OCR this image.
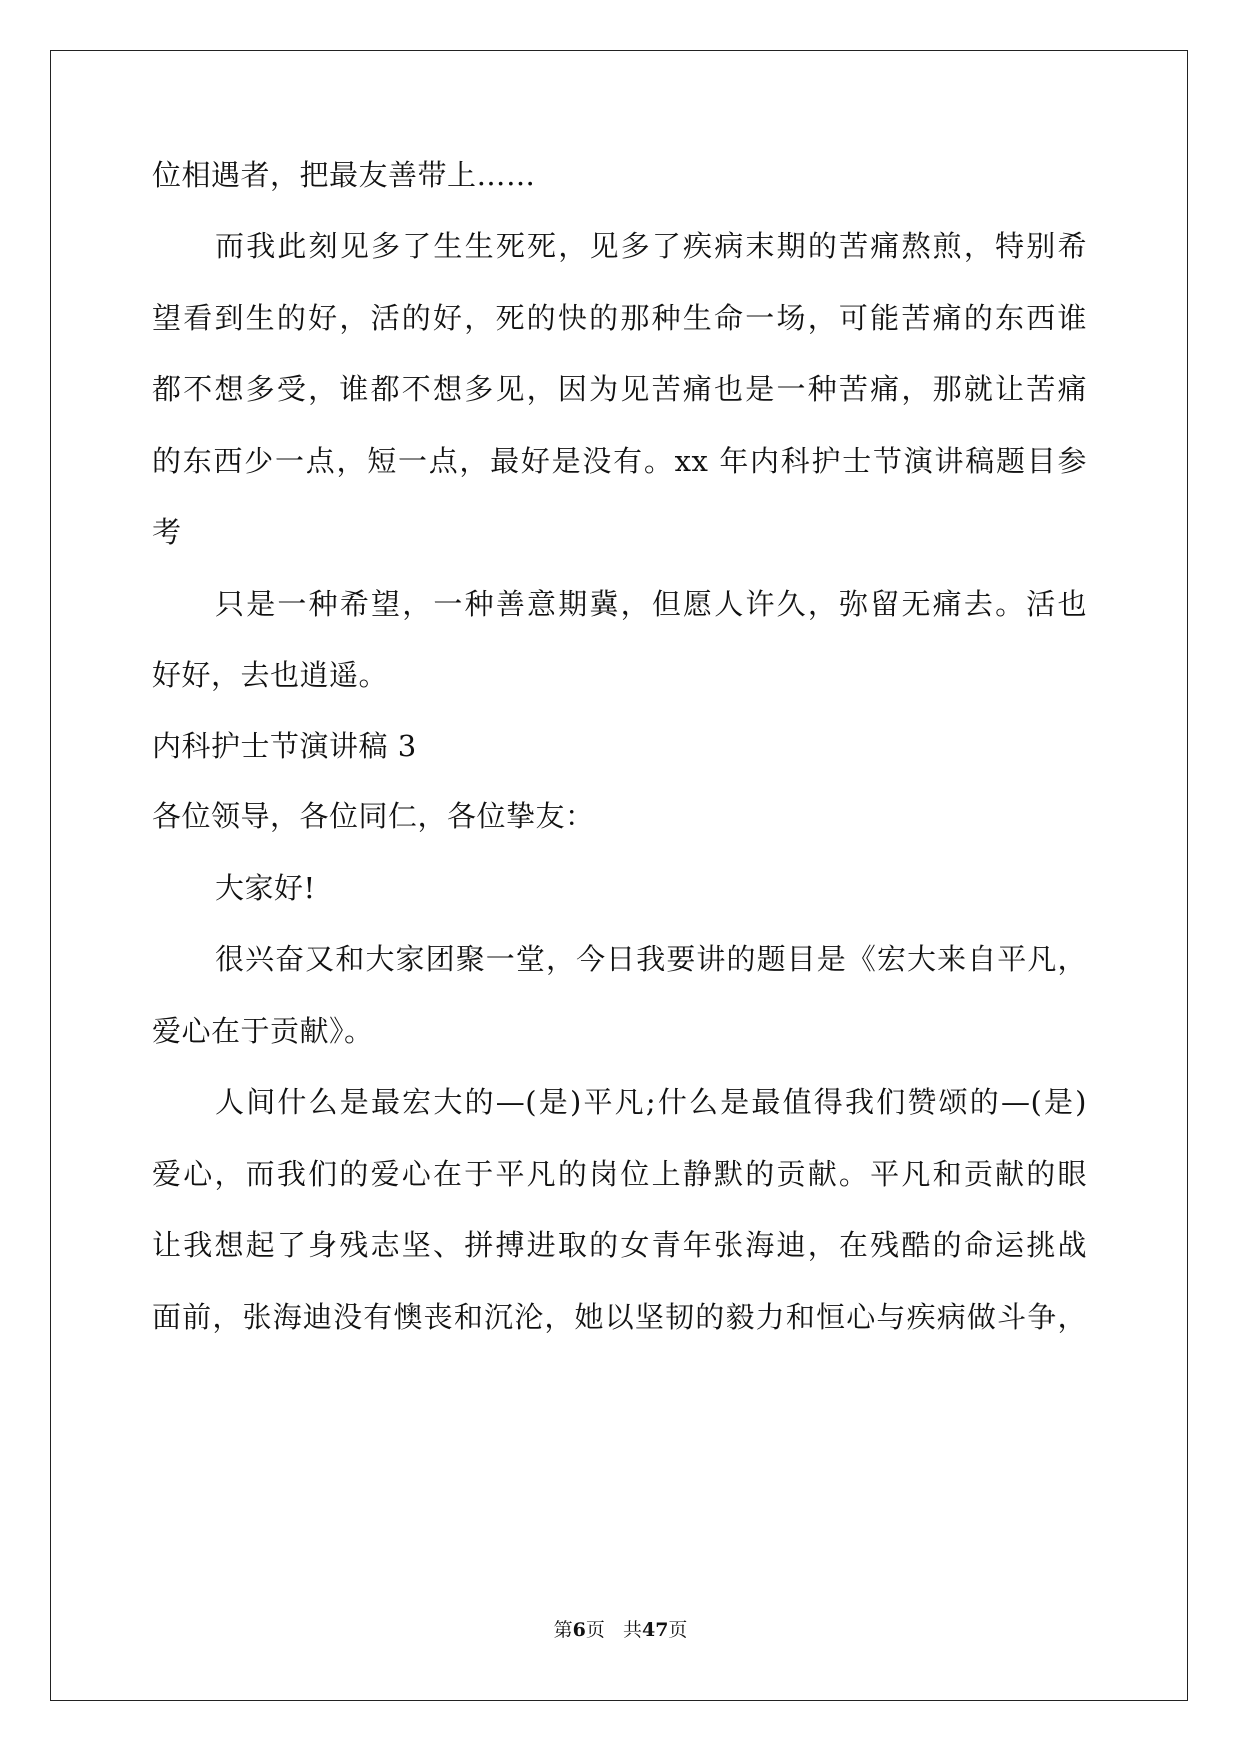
位相遇者，把最友善带上……
而我此刻见多了生生死死，见多了疾病末期的苦痛熬煎，特别希
望看到生的好，活的好，死的快的那种生命一场，可能苦痛的东西谁
都不想多受，谁都不想多见，因为见苦痛也是一种苦痛，那就让苦痛
的东西少一点，短一点，最好是没有。xx 年内科护士节演讲稿题目参
考
只是一种希望，一种善意期冀，但愿人许久，弥留无痛去。活也
好好，去也逍遥。
内科护士节演讲稿 3
各位领导，各位同仁，各位挚友：
大家好!
很兴奋又和大家团聚一堂，今日我要讲的题目是《宏大来自平凡，
爱心在于贡献》。
人间什么是最宏大的—(是)平凡;什么是最值得我们赞颂的—(是)
爱心，而我们的爱心在于平凡的岗位上静默的贡献。平凡和贡献的眼
让我想起了身残志坚、拼搏进取的女青年张海迪，在残酷的命运挑战
面前，张海迪没有懊丧和沉沦，她以坚韧的毅力和恒心与疾病做斗争，
第6页 共47页
